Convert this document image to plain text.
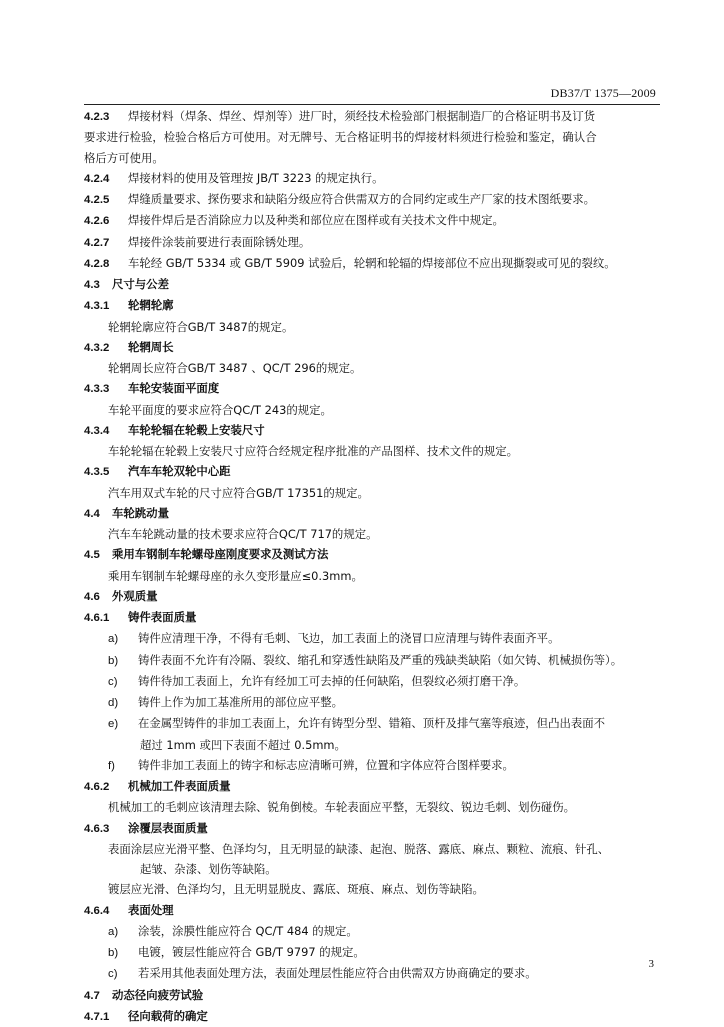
DB37/T 1375—2009
4.2.3 焊接材料（焊条、焊丝、焊剂等）进厂时，须经技术检验部门根据制造厂的合格证明书及订货
要求进行检验，检验合格后方可使用。对无牌号、无合格证明书的焊接材料须进行检验和鉴定，确认合
格后方可使用。
4.2.4 焊接材料的使用及管理按 JB/T 3223 的规定执行。
4.2.5 焊缝质量要求、探伤要求和缺陷分级应符合供需双方的合同约定或生产厂家的技术图纸要求。
4.2.6 焊接件焊后是否消除应力以及种类和部位应在图样或有关技术文件中规定。
4.2.7 焊接件涂装前要进行表面除锈处理。
4.2.8 车轮经 GB/T 5334 或 GB/T 5909 试验后，轮辋和轮辐的焊接部位不应出现撕裂或可见的裂纹。
4.3 尺寸与公差
4.3.1 轮辋轮廓
轮辋轮廓应符合GB/T 3487的规定。
4.3.2 轮辋周长
轮辋周长应符合GB/T 3487 、QC/T 296的规定。
4.3.3 车轮安装面平面度
车轮平面度的要求应符合QC/T 243的规定。
4.3.4 车轮轮辐在轮毂上安装尺寸
车轮轮辐在轮毂上安装尺寸应符合经规定程序批准的产品图样、技术文件的规定。
4.3.5 汽车车轮双轮中心距
汽车用双式车轮的尺寸应符合GB/T 17351的规定。
4.4 车轮跳动量
汽车车轮跳动量的技术要求应符合QC/T 717的规定。
4.5 乘用车钢制车轮螺母座刚度要求及测试方法
乘用车钢制车轮螺母座的永久变形量应≤0.3mm。
4.6 外观质量
4.6.1 铸件表面质量
a) 铸件应清理干净，不得有毛刺、飞边，加工表面上的浇冒口应清理与铸件表面齐平。
b) 铸件表面不允许有冷隔、裂纹、缩孔和穿透性缺陷及严重的残缺类缺陷（如欠铸、机械损伤等）。
c) 铸件待加工表面上，允许有经加工可去掉的任何缺陷，但裂纹必须打磨干净。
d) 铸件上作为加工基准所用的部位应平整。
e) 在金属型铸件的非加工表面上，允许有铸型分型、错箱、顶杆及排气塞等痕迹，但凸出表面不
超过 1mm 或凹下表面不超过 0.5mm。
f) 铸件非加工表面上的铸字和标志应清晰可辨，位置和字体应符合图样要求。
4.6.2 机械加工件表面质量
机械加工的毛刺应该清理去除、锐角倒棱。车轮表面应平整，无裂纹、锐边毛刺、划伤碰伤。
4.6.3 涂覆层表面质量
表面涂层应光滑平整、色泽均匀，且无明显的缺漆、起泡、脱落、露底、麻点、颗粒、流痕、针孔、
起皱、杂漆、划伤等缺陷。
镀层应光滑、色泽均匀，且无明显脱皮、露底、斑痕、麻点、划伤等缺陷。
4.6.4 表面处理
a) 涂装，涂膜性能应符合 QC/T 484 的规定。
b) 电镀，镀层性能应符合 GB/T 9797 的规定。
c) 若采用其他表面处理方法，表面处理层性能应符合由供需双方协商确定的要求。
4.7 动态径向疲劳试验
4.7.1 径向载荷的确定
3
